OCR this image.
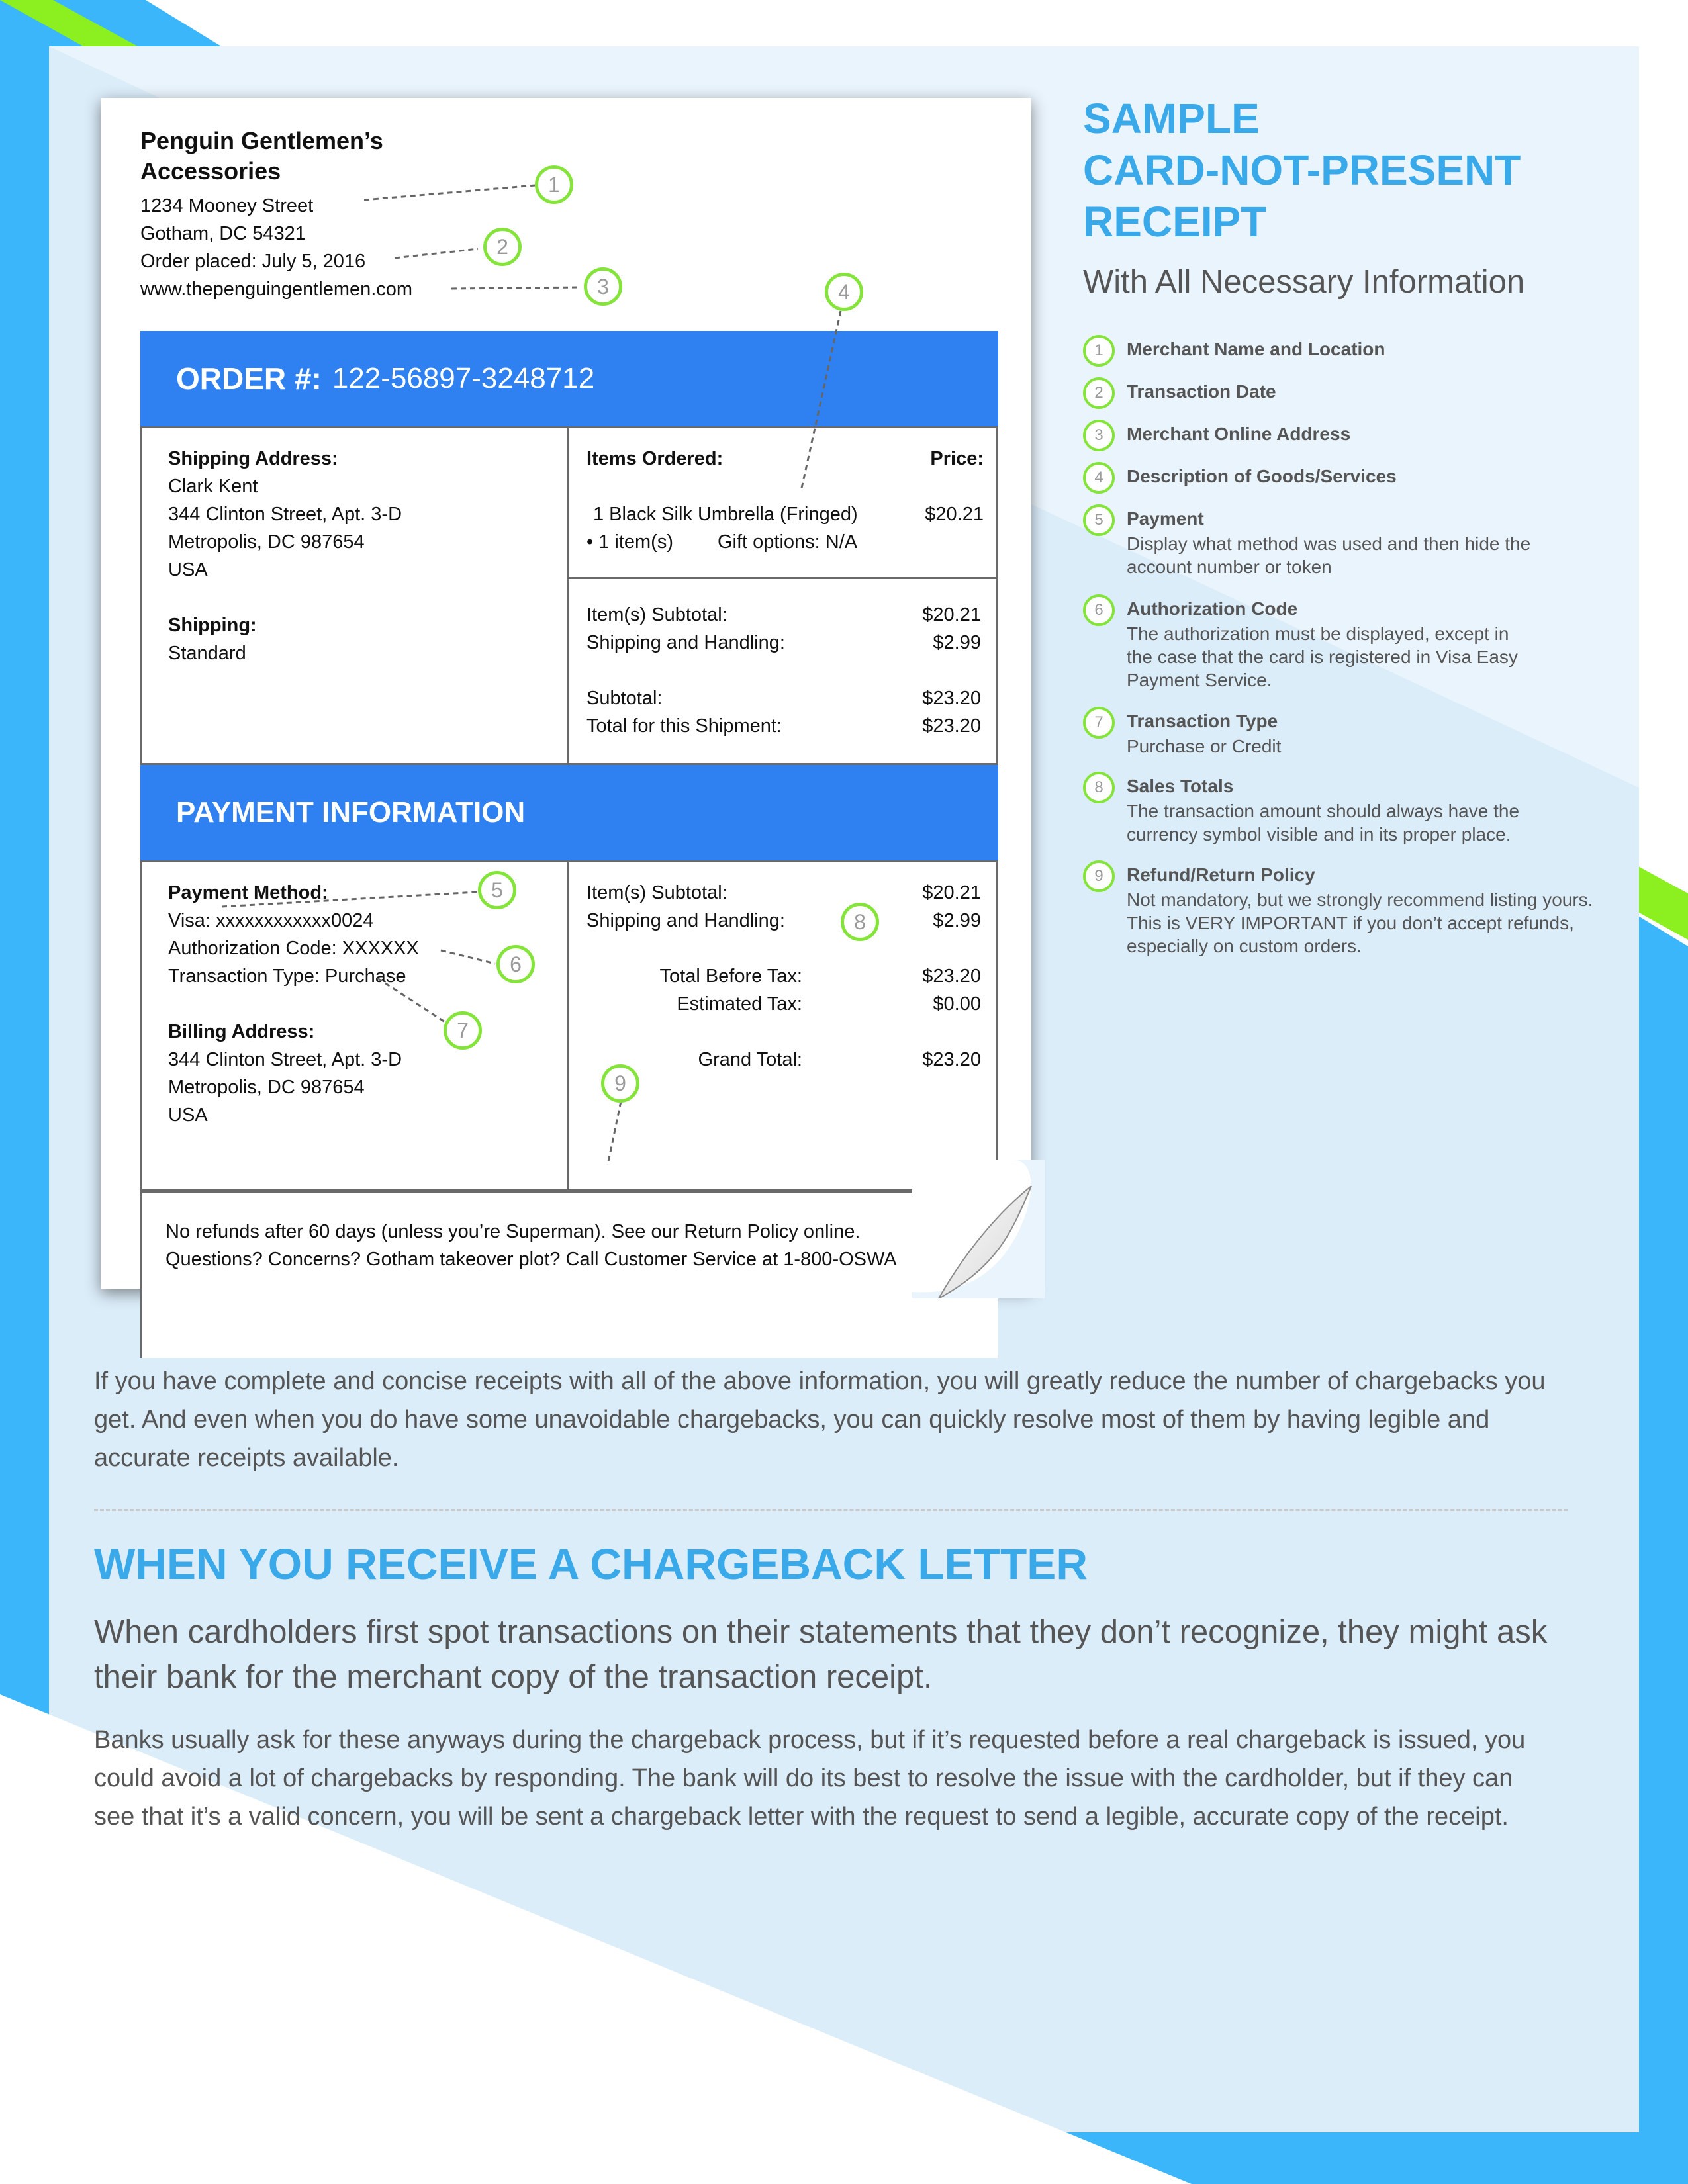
Penguin Gentlemen’s
Accessories
1234 Mooney Street
Gotham, DC 54321
Order placed: July 5, 2016
www.thepenguingentlemen.com
ORDER #: 122-56897-3248712
Shipping Address:
Clark Kent
344 Clinton Street, Apt. 3-D
Metropolis, DC 987654
USA
Shipping:
Standard
Items Ordered:	Price:
1 Black Silk Umbrella (Fringed)	$20.21
• 1 item(s) Gift options: N/A
Item(s) Subtotal:	$20.21
Shipping and Handling:	$2.99
Subtotal:	$23.20
Total for this Shipment:	$23.20
PAYMENT INFORMATION
Payment Method:
Visa: xxxxxxxxxxxx0024
Authorization Code: XXXXXX
Transaction Type: Purchase
Billing Address:
344 Clinton Street, Apt. 3-D
Metropolis, DC 987654
USA
Item(s) Subtotal:	$20.21
Shipping and Handling:	$2.99
Total Before Tax:	$23.20
Estimated Tax:	$0.00
Grand Total:	$23.20
No refunds after 60 days (unless you’re Superman). See our Return Policy online.
Questions? Concerns? Gotham takeover plot? Call Customer Service at 1-800-OSWA
1
2
3	4
5
6
7
8
9
SAMPLE
CARD-NOT-PRESENT
RECEIPT
With All Necessary Information
1	Merchant Name and Location
2	Transaction Date
3	Merchant Online Address
4	Description of Goods/Services
5	Payment
Display what method was used and then hide the account number or token
6	Authorization Code
The authorization must be displayed, except in the case that the card is registered in Visa Easy Payment Service.
7	Transaction Type
Purchase or Credit
8	Sales Totals
The transaction amount should always have the currency symbol visible and in its proper place.
9	Refund/Return Policy
Not mandatory, but we strongly recommend listing yours. This is VERY IMPORTANT if you don’t accept refunds, especially on custom orders.
If you have complete and concise receipts with all of the above information, you will greatly reduce the number of chargebacks you get. And even when you do have some unavoidable chargebacks, you can quickly resolve most of them by having legible and accurate receipts available.
WHEN YOU RECEIVE A CHARGEBACK LETTER
When cardholders first spot transactions on their statements that they don’t recognize, they might ask their bank for the merchant copy of the transaction receipt.
Banks usually ask for these anyways during the chargeback process, but if it’s requested before a real chargeback is issued, you could avoid a lot of chargebacks by responding. The bank will do its best to resolve the issue with the cardholder, but if they can see that it’s a valid concern, you will be sent a chargeback letter with the request to send a legible, accurate copy of the receipt.
